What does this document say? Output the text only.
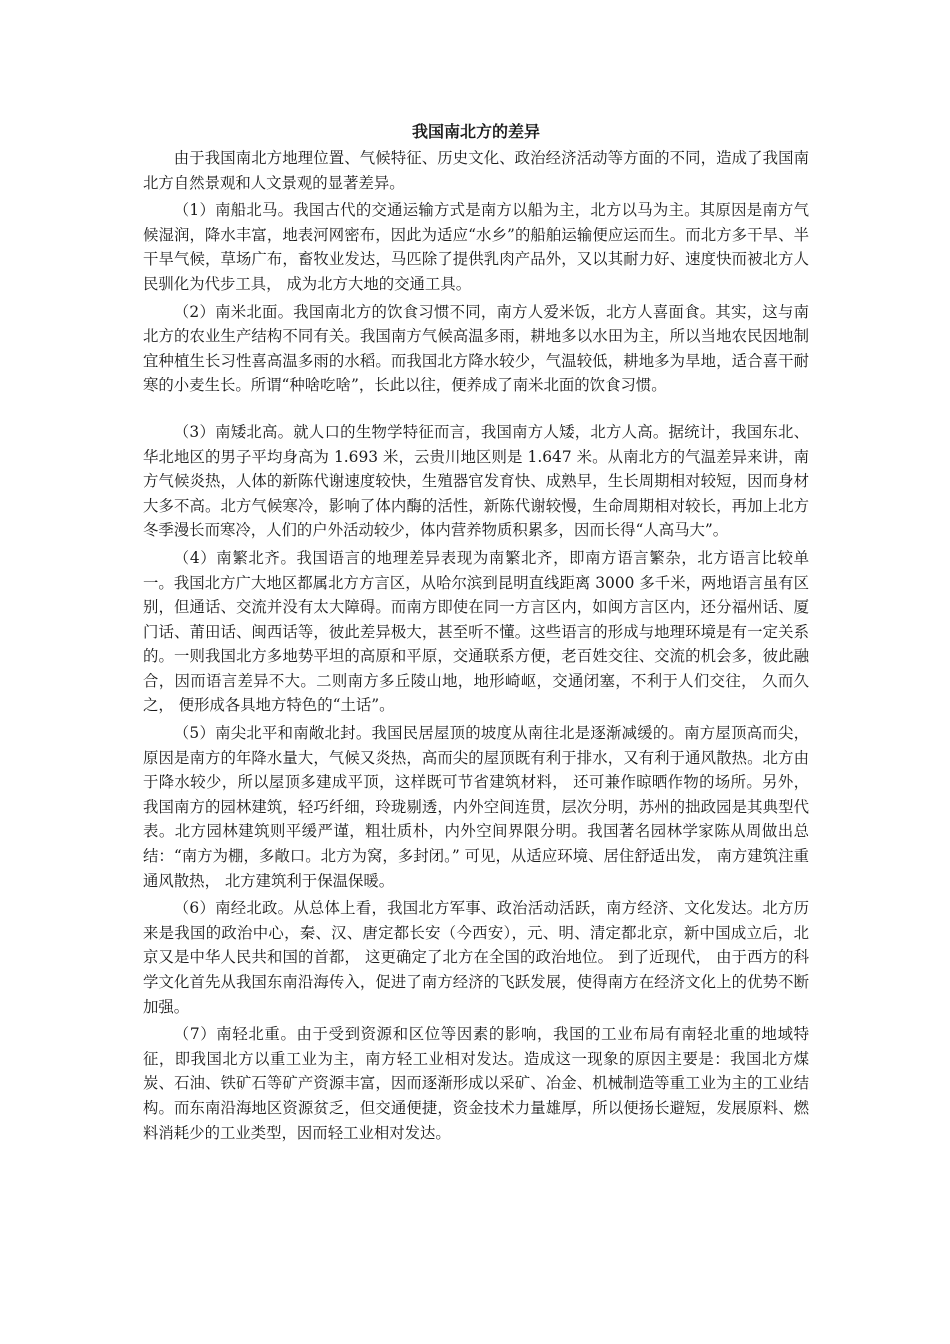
我国南北方的差异

由于我国南北方地理位置、气候特征、历史文化、政治经济活动等方面的不同，造成了我国南北方自然景观和人文景观的显著差异。

（1）南船北马。我国古代的交通运输方式是南方以船为主，北方以马为主。其原因是南方气候湿润，降水丰富，地表河网密布，因此为适应“水乡”的船舶运输便应运而生。而北方多干旱、半干旱气候，草场广布，畜牧业发达，马匹除了提供乳肉产品外，又以其耐力好、速度快而被北方人民驯化为代步工具， 成为北方大地的交通工具。

（2）南米北面。我国南北方的饮食习惯不同，南方人爱米饭，北方人喜面食。其实，这与南北方的农业生产结构不同有关。我国南方气候高温多雨，耕地多以水田为主，所以当地农民因地制宜种植生长习性喜高温多雨的水稻。而我国北方降水较少，气温较低，耕地多为旱地，适合喜干耐寒的小麦生长。所谓“种啥吃啥”，长此以往，便养成了南米北面的饮食习惯。

（3）南矮北高。就人口的生物学特征而言，我国南方人矮，北方人高。据统计，我国东北、华北地区的男子平均身高为 1.693 米，云贵川地区则是 1.647 米。从南北方的气温差异来讲，南方气候炎热，人体的新陈代谢速度较快，生殖器官发育快、成熟早，生长周期相对较短，因而身材大多不高。北方气候寒冷，影响了体内酶的活性，新陈代谢较慢，生命周期相对较长，再加上北方冬季漫长而寒冷，人们的户外活动较少，体内营养物质积累多，因而长得“人高马大”。

（4）南繁北齐。我国语言的地理差异表现为南繁北齐，即南方语言繁杂，北方语言比较单一。我国北方广大地区都属北方方言区，从哈尔滨到昆明直线距离 3000 多千米，两地语言虽有区别，但通话、交流并没有太大障碍。而南方即使在同一方言区内，如闽方言区内，还分福州话、厦门话、莆田话、闽西话等，彼此差异极大，甚至听不懂。这些语言的形成与地理环境是有一定关系的。一则我国北方多地势平坦的高原和平原，交通联系方便，老百姓交往、交流的机会多，彼此融合，因而语言差异不大。二则南方多丘陵山地，地形崎岖，交通闭塞，不利于人们交往， 久而久之， 便形成各具地方特色的“土话”。

（5）南尖北平和南敞北封。我国民居屋顶的坡度从南往北是逐渐减缓的。南方屋顶高而尖，原因是南方的年降水量大，气候又炎热，高而尖的屋顶既有利于排水，又有利于通风散热。北方由于降水较少，所以屋顶多建成平顶，这样既可节省建筑材料， 还可兼作晾晒作物的场所。另外，我国南方的园林建筑，轻巧纤细，玲珑剔透，内外空间连贯，层次分明，苏州的拙政园是其典型代表。北方园林建筑则平缓严谨，粗壮质朴，内外空间界限分明。我国著名园林学家陈从周做出总结：“南方为棚，多敞口。北方为窝，多封闭。” 可见，从适应环境、居住舒适出发， 南方建筑注重通风散热， 北方建筑利于保温保暖。

（6）南经北政。从总体上看，我国北方军事、政治活动活跃，南方经济、文化发达。北方历来是我国的政治中心，秦、汉、唐定都长安（今西安），元、明、清定都北京，新中国成立后，北京又是中华人民共和国的首都， 这更确定了北方在全国的政治地位。 到了近现代， 由于西方的科学文化首先从我国东南沿海传入，促进了南方经济的飞跃发展，使得南方在经济文化上的优势不断加强。

（7）南轻北重。由于受到资源和区位等因素的影响，我国的工业布局有南轻北重的地域特征，即我国北方以重工业为主，南方轻工业相对发达。造成这一现象的原因主要是：我国北方煤炭、石油、铁矿石等矿产资源丰富，因而逐渐形成以采矿、冶金、机械制造等重工业为主的工业结构。而东南沿海地区资源贫乏，但交通便捷，资金技术力量雄厚，所以便扬长避短，发展原料、燃料消耗少的工业类型，因而轻工业相对发达。
